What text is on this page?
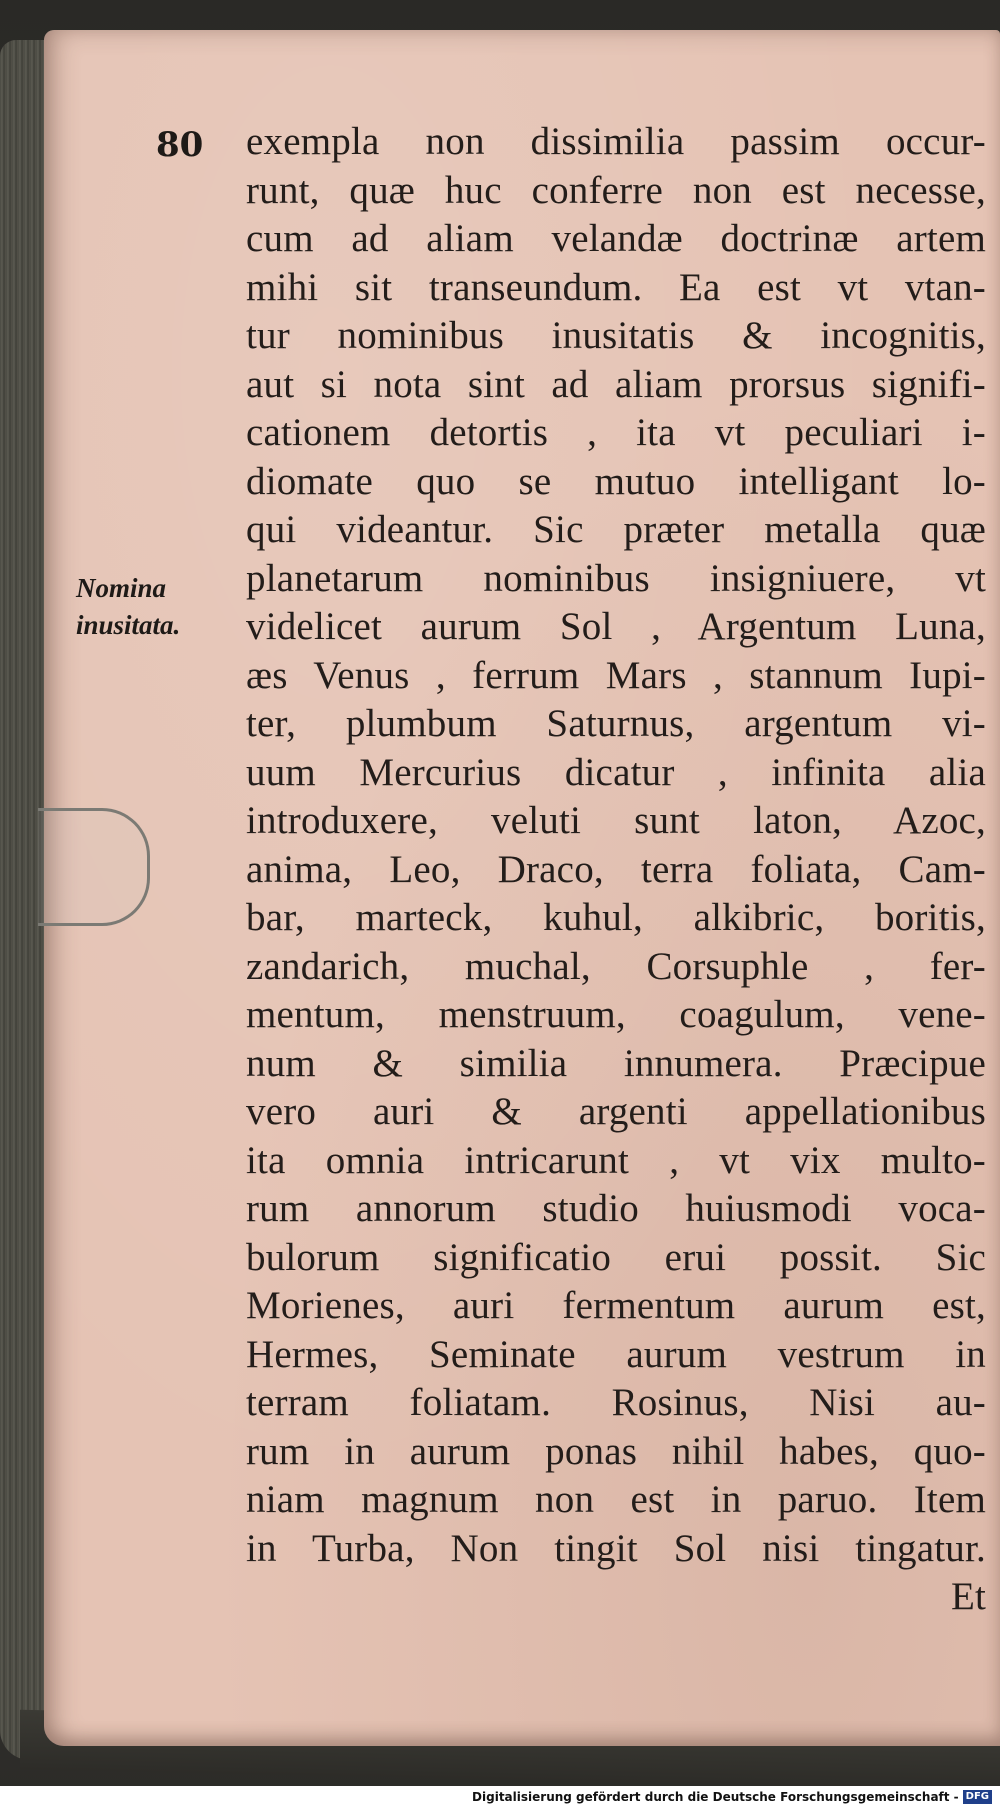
80
Nomina
inusitata.
exempla non dissimilia passim occur-
runt, quæ huc conferre non est necesse,
cum ad aliam velandæ doctrinæ artem
mihi sit transeundum. Ea est vt vtan-
tur nominibus inusitatis & incognitis,
aut si nota sint ad aliam prorsus signifi-
cationem detortis , ita vt peculiari i-
diomate quo se mutuo intelligant lo-
qui videantur. Sic præter metalla quæ
planetarum nominibus insigniuere, vt
videlicet aurum Sol , Argentum Luna,
æs Venus , ferrum Mars , stannum Iupi-
ter, plumbum Saturnus, argentum vi-
uum Mercurius dicatur , infinita alia
introduxere, veluti sunt laton, Azoc,
anima, Leo, Draco, terra foliata, Cam-
bar, marteck, kuhul, alkibric, boritis,
zandarich, muchal, Corsuphle , fer-
mentum, menstruum, coagulum, vene-
num & similia innumera. Præcipue
vero auri & argenti appellationibus
ita omnia intricarunt , vt vix multo-
rum annorum studio huiusmodi voca-
bulorum significatio erui possit. Sic
Morienes, auri fermentum aurum est,
Hermes, Seminate aurum vestrum in
terram foliatam. Rosinus, Nisi au-
rum in aurum ponas nihil habes, quo-
niam magnum non est in paruo. Item
in Turba, Non tingit Sol nisi tingatur.
Et
Digitalisierung gefördert durch die Deutsche Forschungsgemeinschaft - DFG
